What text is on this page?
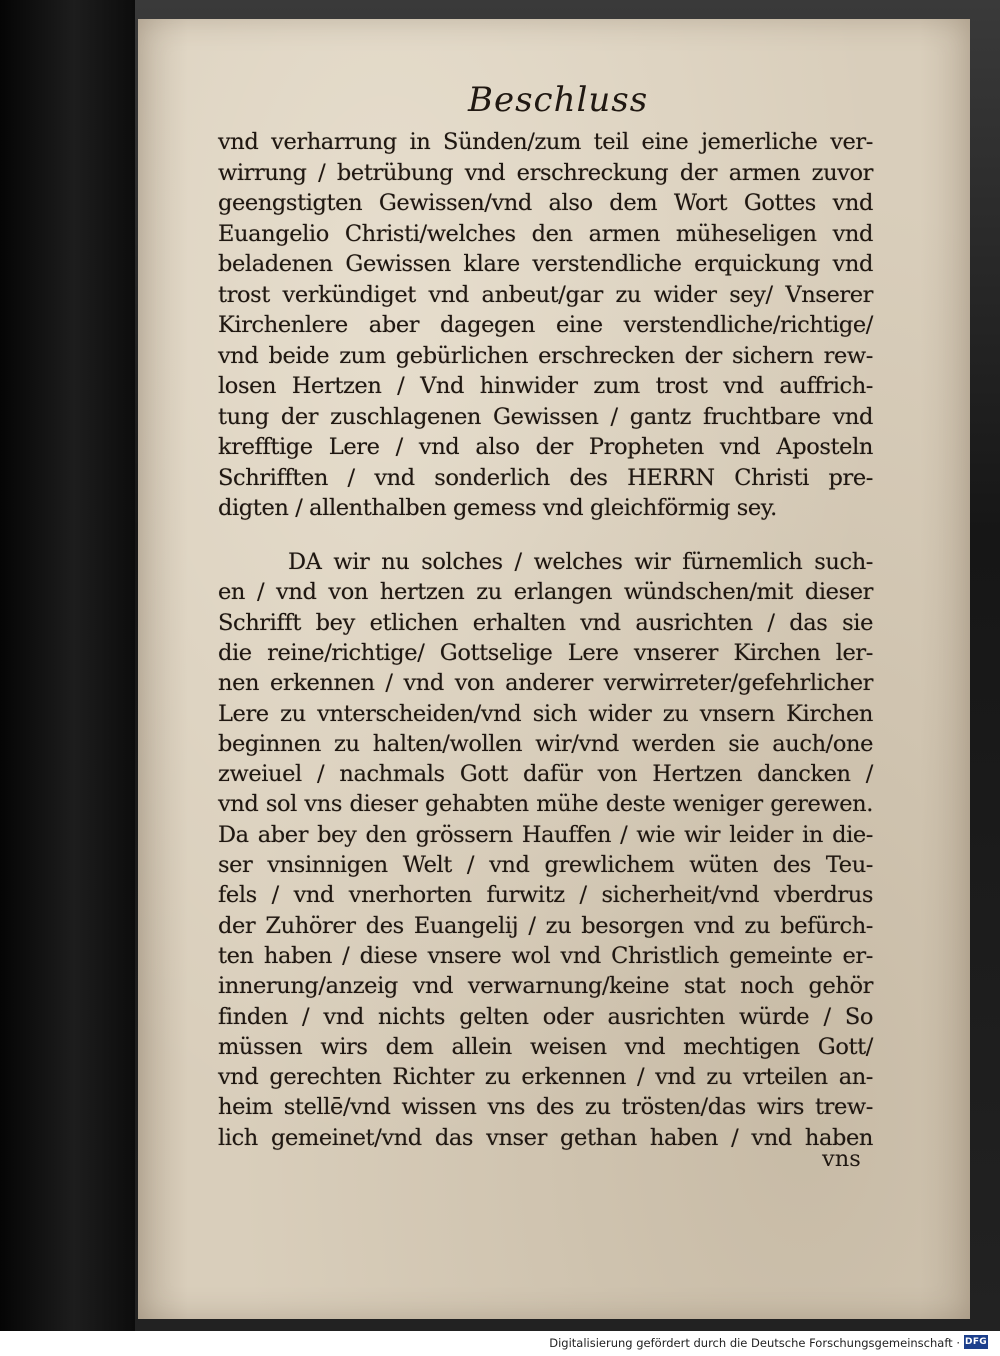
Beschluss
vnd verharrung in Sünden/zum teil eine jemerliche ver-
wirrung / betrübung vnd erschreckung der armen zuvor
geengstigten Gewissen/vnd also dem Wort Gottes vnd
Euangelio Christi/welches den armen müheseligen vnd
beladenen Gewissen klare verstendliche erquickung vnd
trost verkündiget vnd anbeut/gar zu wider sey/ Vnserer
Kirchenlere aber dagegen eine verstendliche/richtige/
vnd beide zum gebürlichen erschrecken der sichern rew-
losen Hertzen / Vnd hinwider zum trost vnd auffrich-
tung der zuschlagenen Gewissen / gantz fruchtbare vnd
krefftige Lere / vnd also der Propheten vnd Aposteln
Schrifften / vnd sonderlich des HERRN Christi pre-
digten / allenthalben gemess vnd gleichförmig sey.
DA wir nu solches / welches wir fürnemlich such-
en / vnd von hertzen zu erlangen wündschen/mit dieser
Schrifft bey etlichen erhalten vnd ausrichten / das sie
die reine/richtige/ Gottselige Lere vnserer Kirchen ler-
nen erkennen / vnd von anderer verwirreter/gefehrlicher
Lere zu vnterscheiden/vnd sich wider zu vnsern Kirchen
beginnen zu halten/wollen wir/vnd werden sie auch/one
zweiuel / nachmals Gott dafür von Hertzen dancken /
vnd sol vns dieser gehabten mühe deste weniger gerewen.
Da aber bey den grössern Hauffen / wie wir leider in die-
ser vnsinnigen Welt / vnd grewlichem wüten des Teu-
fels / vnd vnerhorten furwitz / sicherheit/vnd vberdrus
der Zuhörer des Euangelij / zu besorgen vnd zu befürch-
ten haben / diese vnsere wol vnd Christlich gemeinte er-
innerung/anzeig vnd verwarnung/keine stat noch gehör
finden / vnd nichts gelten oder ausrichten würde / So
müssen wirs dem allein weisen vnd mechtigen Gott/
vnd gerechten Richter zu erkennen / vnd zu vrteilen an-
heim stellē/vnd wissen vns des zu trösten/das wirs trew-
lich gemeinet/vnd das vnser gethan haben / vnd haben
vns
Digitalisierung gefördert durch die Deutsche Forschungsgemeinschaft · DFG
